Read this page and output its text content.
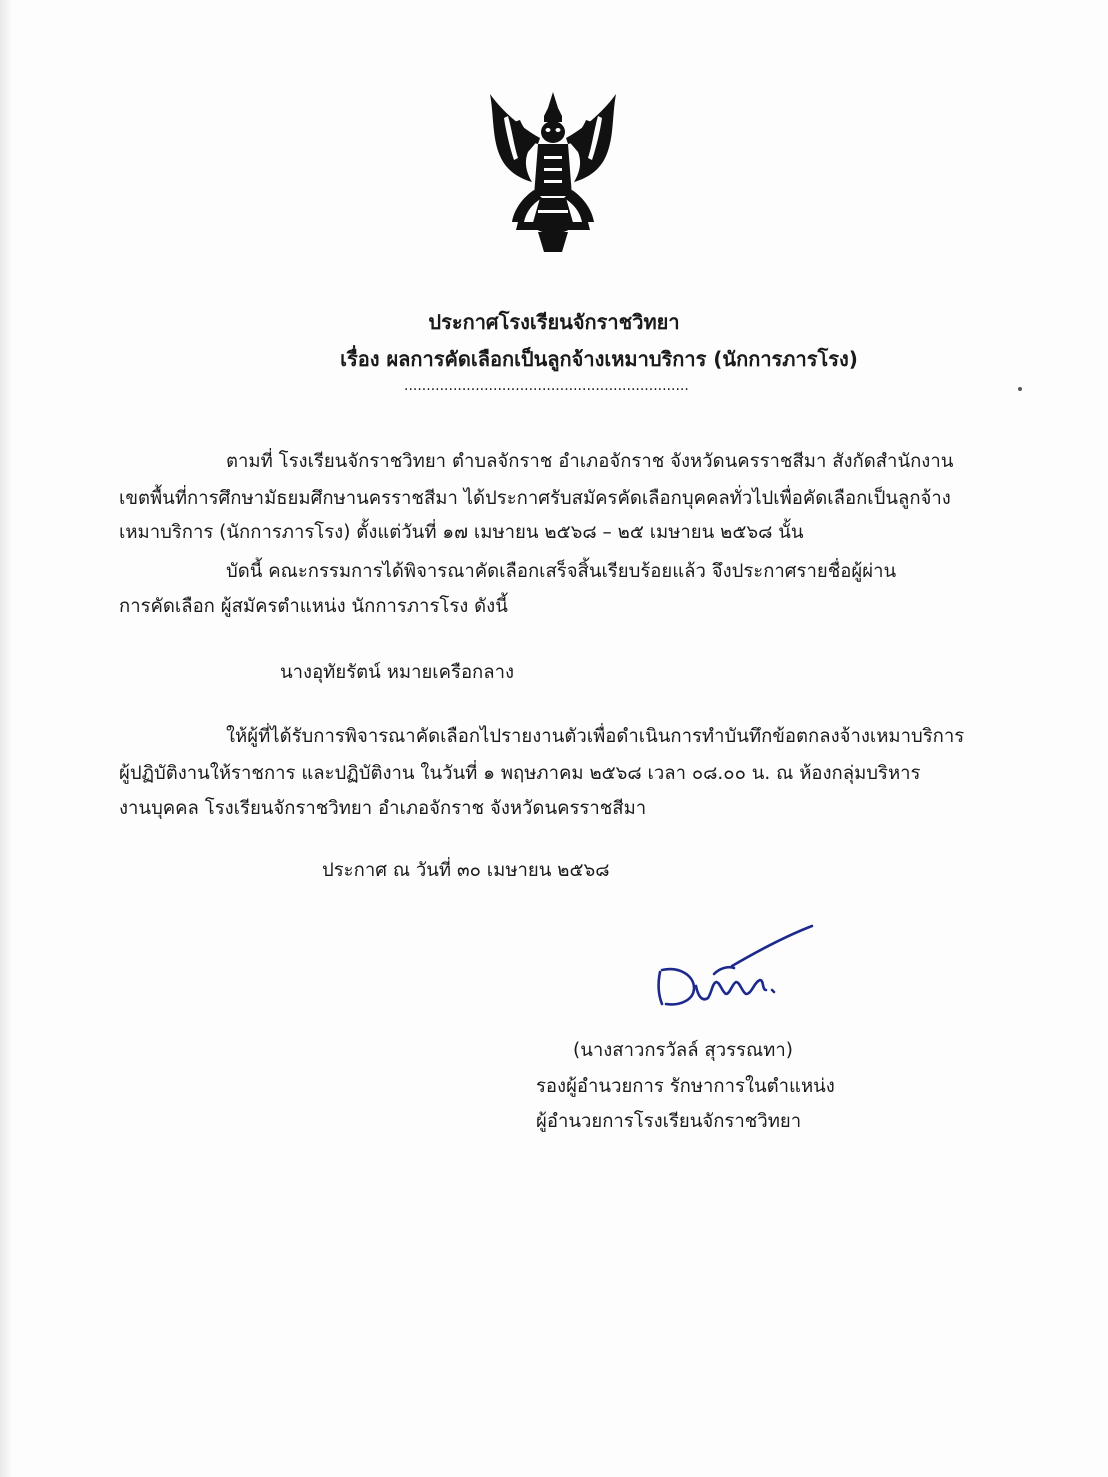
ประกาศโรงเรียนจักราชวิทยา
เรื่อง ผลการคัดเลือกเป็นลูกจ้างเหมาบริการ (นักการภารโรง)
................................................................
ตามที่ โรงเรียนจักราชวิทยา ตำบลจักราช อำเภอจักราช จังหวัดนครราชสีมา สังกัดสำนักงาน
เขตพื้นที่การศึกษามัธยมศึกษานครราชสีมา ได้ประกาศรับสมัครคัดเลือกบุคคลทั่วไปเพื่อคัดเลือกเป็นลูกจ้าง
เหมาบริการ (นักการภารโรง) ตั้งแต่วันที่ ๑๗ เมษายน ๒๕๖๘ – ๒๕ เมษายน ๒๕๖๘ นั้น
บัดนี้ คณะกรรมการได้พิจารณาคัดเลือกเสร็จสิ้นเรียบร้อยแล้ว จึงประกาศรายชื่อผู้ผ่าน
การคัดเลือก ผู้สมัครตำแหน่ง นักการภารโรง ดังนี้
นางอุทัยรัตน์ หมายเครือกลาง
ให้ผู้ที่ได้รับการพิจารณาคัดเลือกไปรายงานตัวเพื่อดำเนินการทำบันทึกข้อตกลงจ้างเหมาบริการ
ผู้ปฏิบัติงานให้ราชการ และปฏิบัติงาน ในวันที่ ๑ พฤษภาคม ๒๕๖๘ เวลา ๐๘.๐๐ น. ณ ห้องกลุ่มบริหาร
งานบุคคล โรงเรียนจักราชวิทยา อำเภอจักราช จังหวัดนครราชสีมา
ประกาศ ณ วันที่ ๓๐ เมษายน ๒๕๖๘
(นางสาวกรวัลล์ สุวรรณทา)
รองผู้อำนวยการ รักษาการในตำแหน่ง
ผู้อำนวยการโรงเรียนจักราชวิทยา
